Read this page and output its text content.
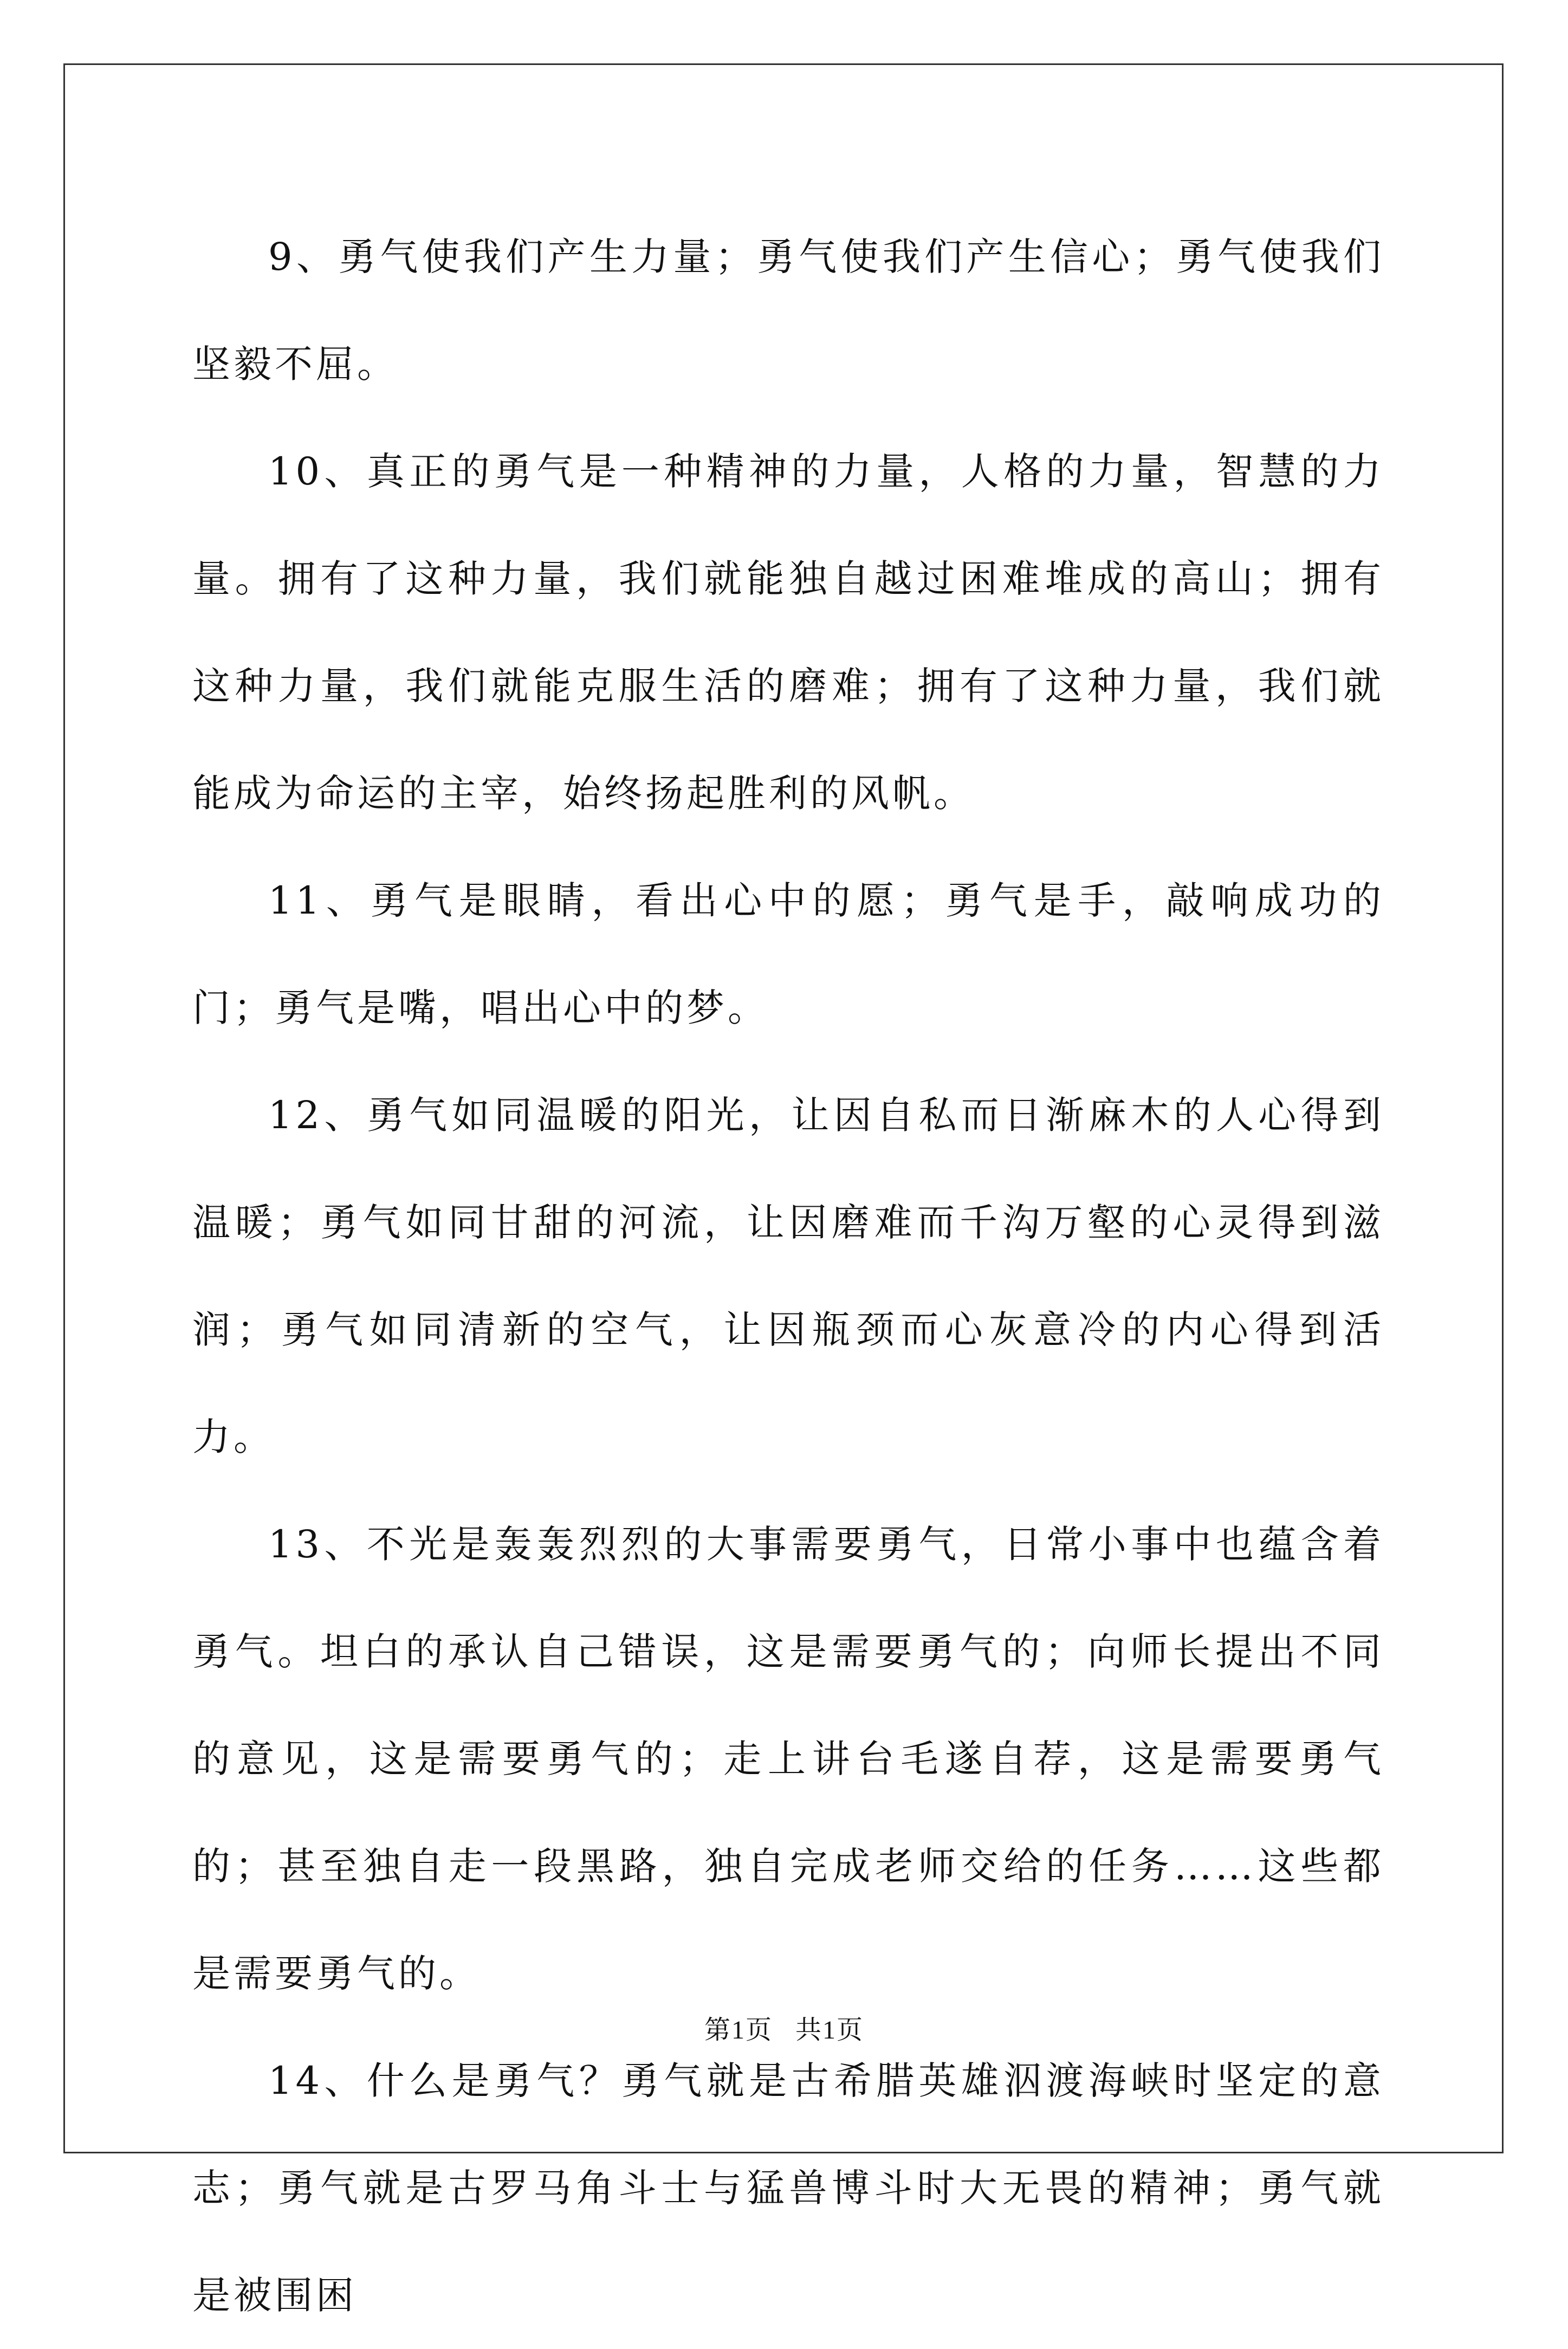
9、勇气使我们产生力量；勇气使我们产生信心；勇气使我们坚毅不屈。

10、真正的勇气是一种精神的力量，人格的力量，智慧的力量。拥有了这种力量，我们就能独自越过困难堆成的高山；拥有这种力量，我们就能克服生活的磨难；拥有了这种力量，我们就能成为命运的主宰，始终扬起胜利的风帆。

11、勇气是眼睛，看出心中的愿；勇气是手，敲响成功的门；勇气是嘴，唱出心中的梦。

12、勇气如同温暖的阳光，让因自私而日渐麻木的人心得到温暖；勇气如同甘甜的河流，让因磨难而千沟万壑的心灵得到滋润；勇气如同清新的空气，让因瓶颈而心灰意冷的内心得到活力。

13、不光是轰轰烈烈的大事需要勇气，日常小事中也蕴含着勇气。坦白的承认自己错误，这是需要勇气的；向师长提出不同的意见，这是需要勇气的；走上讲台毛遂自荐，这是需要勇气的；甚至独自走一段黑路，独自完成老师交给的任务……这些都是需要勇气的。

14、什么是勇气？勇气就是古希腊英雄泅渡海峡时坚定的意志；勇气就是古罗马角斗士与猛兽博斗时大无畏的精神；勇气就是被围困

第1页 共1页
